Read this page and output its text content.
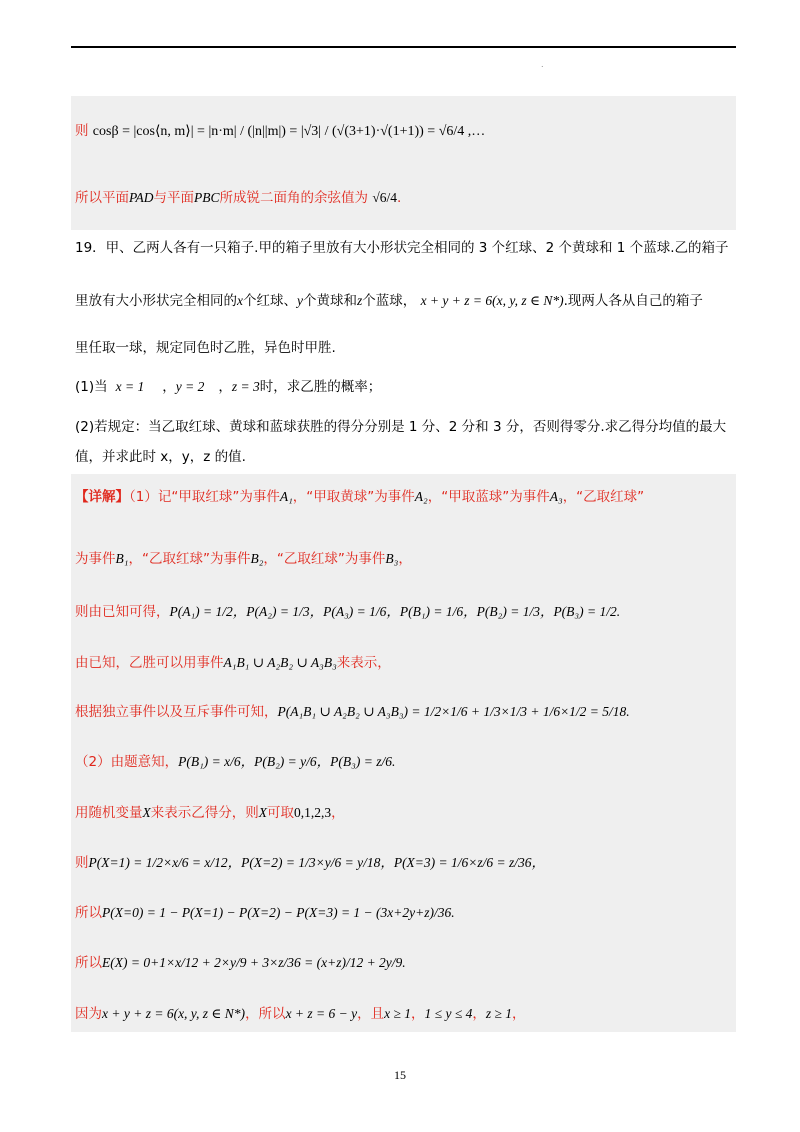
.
则 cosβ = |cos⟨n, m⟩| = |n·m| / (|n||m|) = |√3| / (√(3+1)·√(1+1)) = √6/4 ,…
所以平面PAD与平面PBC所成锐二面角的余弦值为 √6/4.
19．甲、乙两人各有一只箱子.甲的箱子里放有大小形状完全相同的 3 个红球、2 个黄球和 1 个蓝球.乙的箱子
里放有大小形状完全相同的x个红球、y个黄球和z个蓝球， x + y + z = 6(x, y, z ∈ N*).现两人各从自己的箱子
里任取一球，规定同色时乙胜，异色时甲胜.
(1)当 x = 1 ，y = 2 ，z = 3时，求乙胜的概率；
(2)若规定：当乙取红球、黄球和蓝球获胜的得分分别是 1 分、2 分和 3 分，否则得零分.求乙得分均值的最大
值，并求此时 x，y，z 的值.
【详解】（1）记“甲取红球”为事件A₁，“甲取黄球”为事件A₂，“甲取蓝球”为事件A₃，“乙取红球”
为事件B₁，“乙取红球”为事件B₂，“乙取红球”为事件B₃，
则由已知可得，P(A₁) = 1/2，P(A₂) = 1/3，P(A₃) = 1/6，P(B₁) = 1/6，P(B₂) = 1/3，P(B₃) = 1/2.
由已知，乙胜可以用事件A₁B₁ ∪ A₂B₂ ∪ A₃B₃来表示，
根据独立事件以及互斥事件可知，P(A₁B₁ ∪ A₂B₂ ∪ A₃B₃) = 1/2×1/6 + 1/3×1/3 + 1/6×1/2 = 5/18.
（2）由题意知，P(B₁) = x/6，P(B₂) = y/6，P(B₃) = z/6.
用随机变量X来表示乙得分，则X可取0,1,2,3，
则P(X=1) = 1/2×x/6 = x/12，P(X=2) = 1/3×y/6 = y/18，P(X=3) = 1/6×z/6 = z/36，
所以P(X=0) = 1 − P(X=1) − P(X=2) − P(X=3) = 1 − (3x+2y+z)/36.
所以E(X) = 0+1×x/12 + 2×y/9 + 3×z/36 = (x+z)/12 + 2y/9.
因为x + y + z = 6(x, y, z ∈ N*)，所以x + z = 6 − y，且x ≥ 1，1 ≤ y ≤ 4，z ≥ 1，
15
